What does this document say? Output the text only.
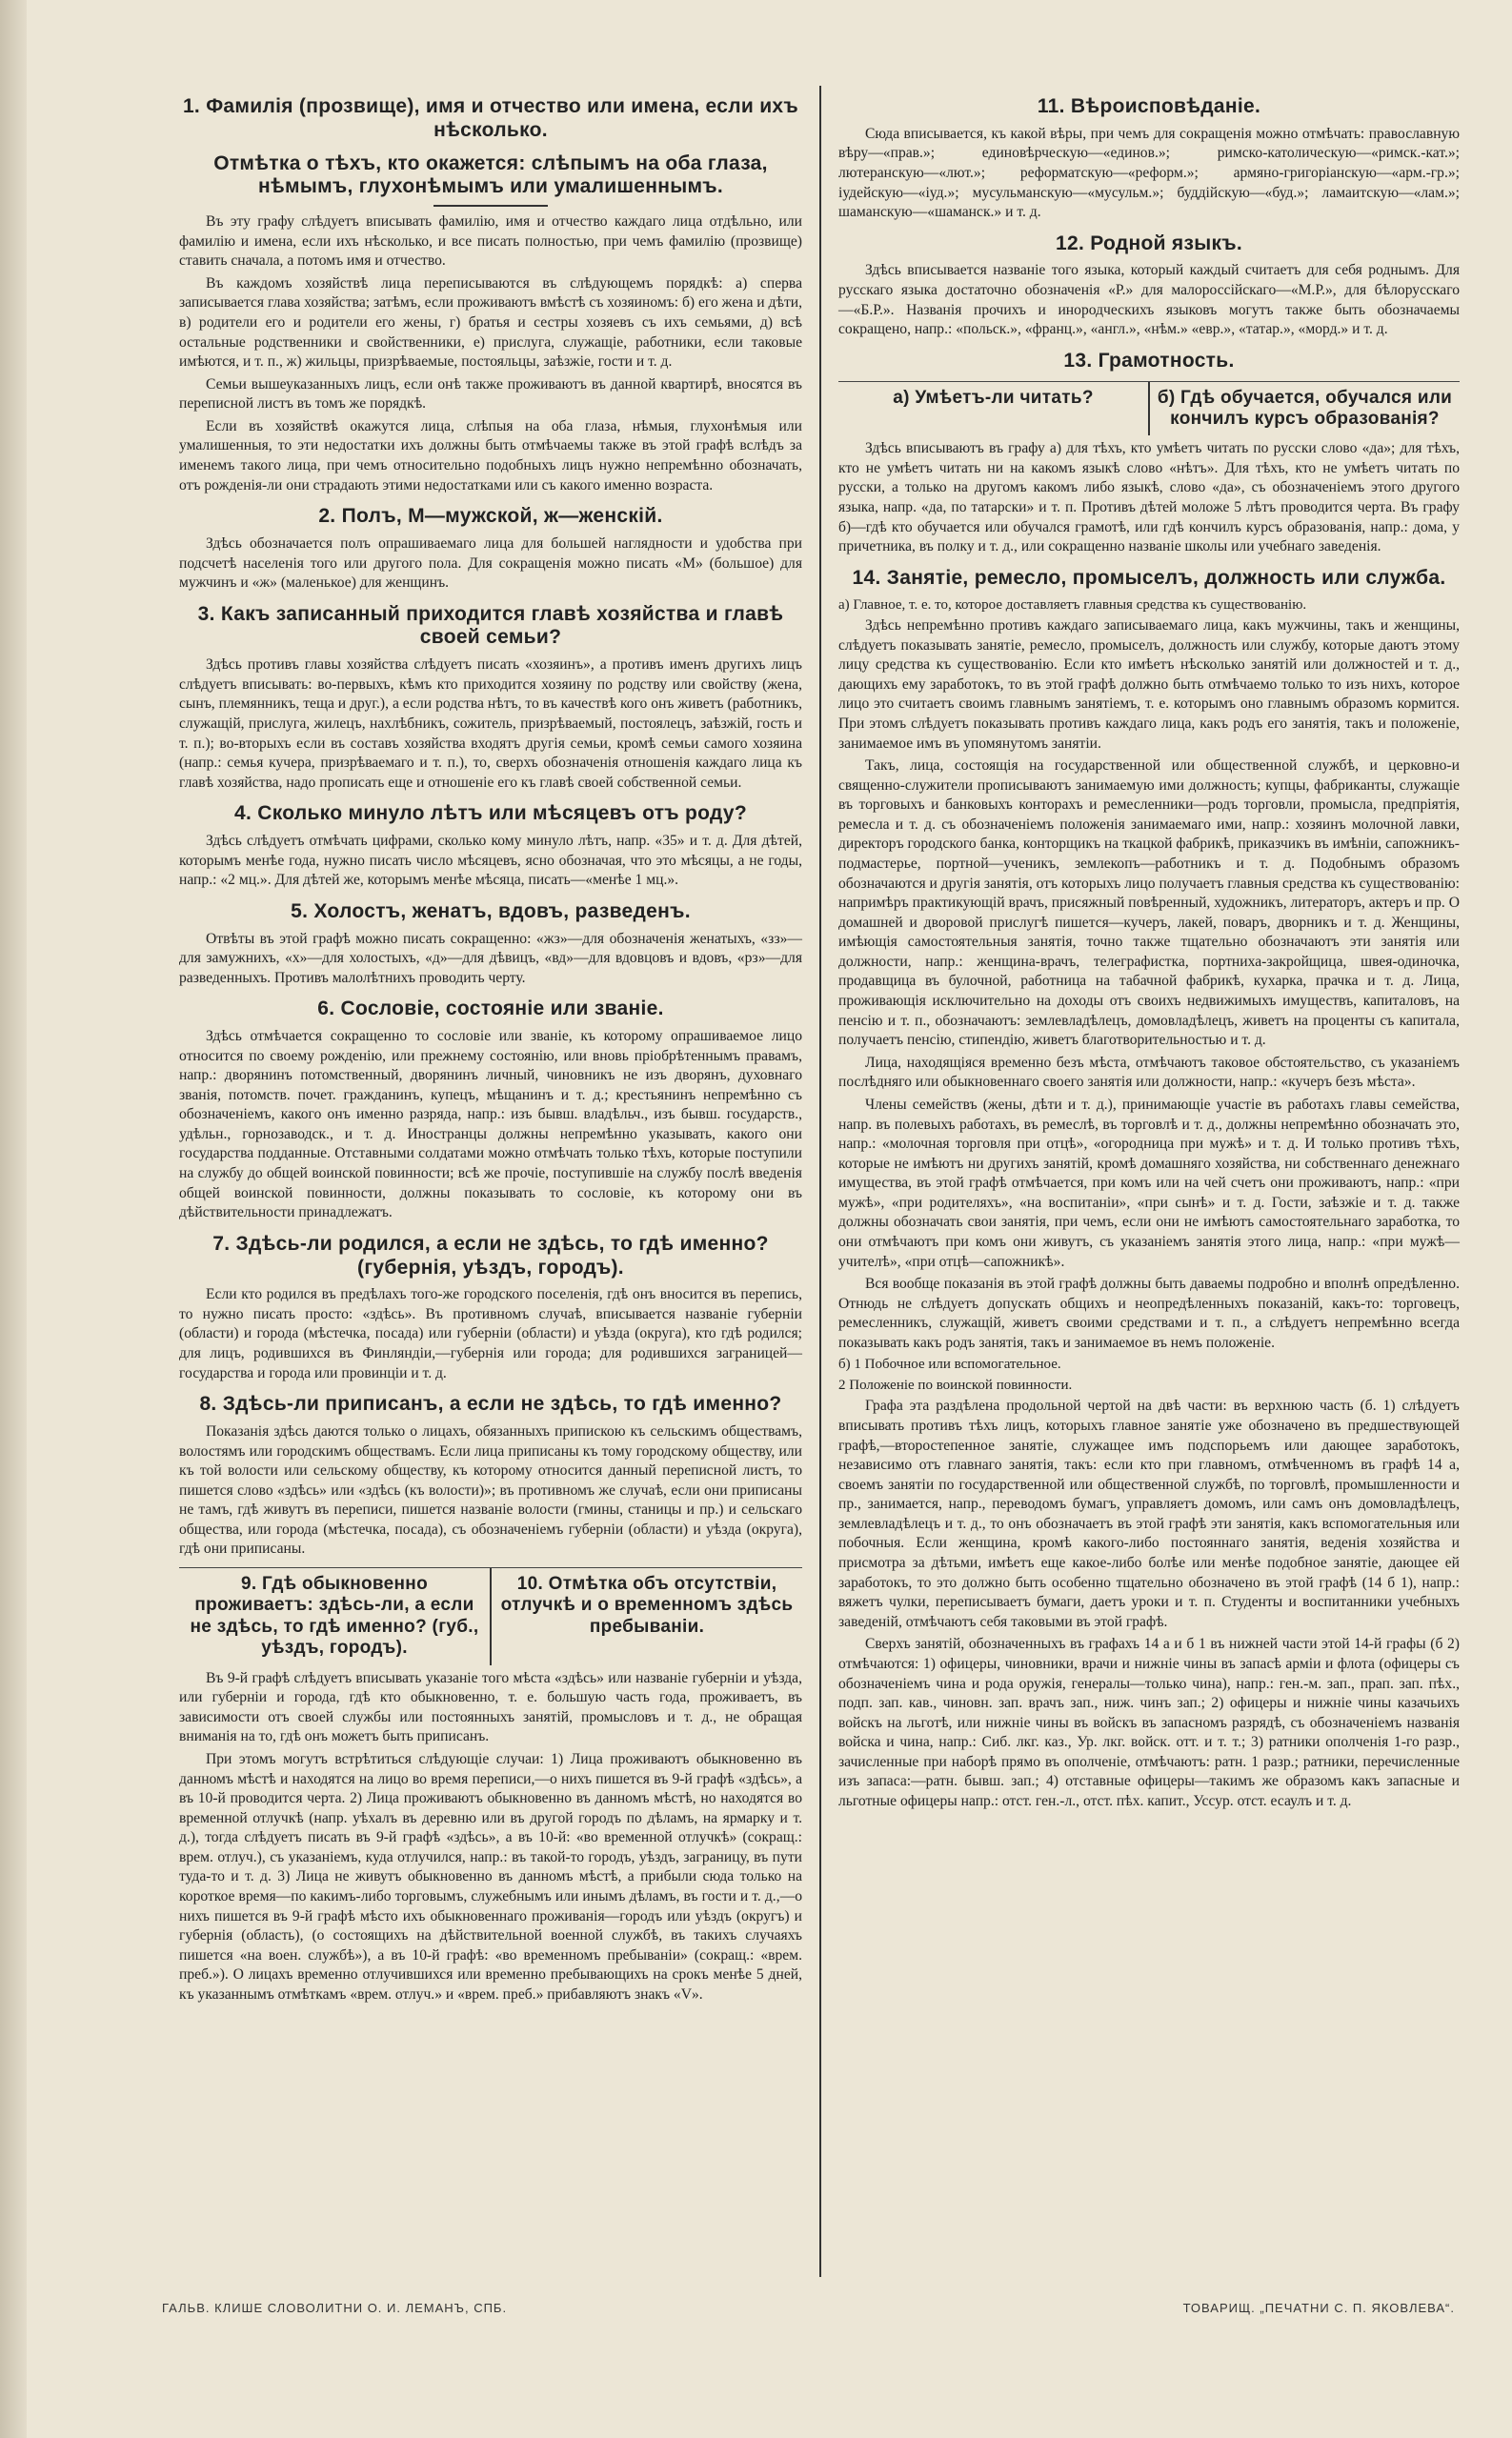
1. Фамилія (прозвище), имя и отчество или имена, если ихъ нѣсколько.
Отмѣтка о тѣхъ, кто окажется: слѣпымъ на оба глаза, нѣмымъ, глухонѣмымъ или умалишеннымъ.

Въ эту графу слѣдуетъ вписывать фамилію, имя и отчество каждаго лица отдѣльно, или фамилію и имена, если ихъ нѣсколько, и все писать полностью, при чемъ фамилію (прозвище) ставить сначала, а потомъ имя и отчество.

Въ каждомъ хозяйствѣ лица переписываются въ слѣдующемъ порядкѣ: а) сперва записывается глава хозяйства; затѣмъ, если проживаютъ вмѣстѣ съ хозяиномъ: б) его жена и дѣти, в) родители его и родители его жены, г) братья и сестры хозяевъ съ ихъ семьями, д) всѣ остальные родственники и свойственники, е) прислуга, служащіе, работники, если таковые имѣются, и т. п., ж) жильцы, призрѣваемые, постояльцы, заѣзжіе, гости и т. д.

Семьи вышеуказанныхъ лицъ, если онѣ также проживаютъ въ данной квартирѣ, вносятся въ переписной листъ въ томъ же порядкѣ.

Если въ хозяйствѣ окажутся лица, слѣпыя на оба глаза, нѣмыя, глухонѣмыя или умалишенныя, то эти недостатки ихъ должны быть отмѣчаемы также въ этой графѣ вслѣдъ за именемъ такого лица, при чемъ относительно подобныхъ лицъ нужно непремѣнно обозначать, отъ рожденія-ли они страдають этими недостатками или съ какого именно возраста.

2. Полъ, М—мужской, ж—женскій.

Здѣсь обозначается полъ опрашиваемаго лица для большей наглядности и удобства при подсчетѣ населенія того или другого пола. Для сокращенія можно писать «М» (большое) для мужчинъ и «ж» (маленькое) для женщинъ.

3. Какъ записанный приходится главѣ хозяйства и главѣ своей семьи?

Здѣсь противъ главы хозяйства слѣдуетъ писать «хозяинъ», а противъ именъ другихъ лицъ слѣдуетъ вписывать: во-первыхъ, кѣмъ кто приходится хозяину по родству или свойству (жена, сынъ, племянникъ, теща и друг.), а если родства нѣтъ, то въ качествѣ кого онъ живетъ (работникъ, служащій, прислуга, жилецъ, нахлѣбникъ, сожитель, призрѣваемый, постоялецъ, заѣзжій, гость и т. п.); во-вторыхъ если въ составъ хозяйства входятъ другія семьи, кромѣ семьи самого хозяина (напр.: семья кучера, призрѣваемаго и т. п.), то, сверхъ обозначенія отношенія каждаго лица къ главѣ хозяйства, надо прописать еще и отношеніе его къ главѣ своей собственной семьи.

4. Сколько минуло лѣтъ или мѣсяцевъ отъ роду?

Здѣсь слѣдуетъ отмѣчать цифрами, сколько кому минуло лѣтъ, напр. «35» и т. д. Для дѣтей, которымъ менѣе года, нужно писать число мѣсяцевъ, ясно обозначая, что это мѣсяцы, а не годы, напр.: «2 мц.». Для дѣтей же, которымъ менѣе мѣсяца, писать—«менѣе 1 мц.».

5. Холостъ, женатъ, вдовъ, разведенъ.

Отвѣты въ этой графѣ можно писать сокращенно: «жз»—для обозначенія женатыхъ, «зз»—для замужнихъ, «х»—для холостыхъ, «д»—для дѣвицъ, «вд»—для вдовцовъ и вдовъ, «рз»—для разведенныхъ. Противъ малолѣтнихъ проводить черту.

6. Сословіе, состояніе или званіе.

Здѣсь отмѣчается сокращенно то сословіе или званіе, къ которому опрашиваемое лицо относится по своему рожденію, или прежнему состоянію, или вновь пріобрѣтеннымъ правамъ, напр.: дворянинъ потомственный, дворянинъ личный, чиновникъ не изъ дворянъ, духовнаго званія, потомств. почет. гражданинъ, купецъ, мѣщанинъ и т. д.; крестьянинъ непремѣнно съ обозначеніемъ, какого онъ именно разряда, напр.: изъ бывш. владѣльч., изъ бывш. государств., удѣльн., горнозаводск., и т. д. Иностранцы должны непремѣнно указывать, какого они государства подданные. Отставными солдатами можно отмѣчать только тѣхъ, которые поступили на службу до общей воинской повинности; всѣ же прочіе, поступившіе на службу послѣ введенія общей воинской повинности, должны показывать то сословіе, къ которому они въ дѣйствительности принадлежатъ.

7. Здѣсь-ли родился, а если не здѣсь, то гдѣ именно? (губернія, уѣздъ, городъ).

Если кто родился въ предѣлахъ того-же городского поселенія, гдѣ онъ вносится въ перепись, то нужно писать просто: «здѣсь». Въ противномъ случаѣ, вписывается названіе губерніи (области) и города (мѣстечка, посада) или губерніи (области) и уѣзда (округа), кто гдѣ родился; для лицъ, родившихся въ Финляндіи,—губернія или города; для родившихся заграницей—государства и города или провинціи и т. д.

8. Здѣсь-ли приписанъ, а если не здѣсь, то гдѣ именно?

Показанія здѣсь даются только о лицахъ, обязанныхъ припискою къ сельскимъ обществамъ, волостямъ или городскимъ обществамъ. Если лица приписаны къ тому городскому обществу, или къ той волости или сельскому обществу, къ которому относится данный переписной листъ, то пишется слово «здѣсь» или «здѣсь (къ волости)»; въ противномъ же случаѣ, если они приписаны не тамъ, гдѣ живутъ въ переписи, пишется названіе волости (гмины, станицы и пр.) и сельскаго общества, или города (мѣстечка, посада), съ обозначеніемъ губерніи (области) и уѣзда (округа), гдѣ они приписаны.

9. Гдѣ обыкновенно проживаетъ: здѣсь-ли, а если не здѣсь, то гдѣ именно? (губ., уѣздъ, городъ).
10. Отмѣтка объ отсутствіи, отлучкѣ и о временномъ здѣсь пребываніи.

Въ 9-й графѣ слѣдуетъ вписывать указаніе того мѣста «здѣсь» или названіе губерніи и уѣзда, или губерніи и города, гдѣ кто обыкновенно, т. е. большую часть года, проживаетъ, въ зависимости отъ своей службы или постоянныхъ занятій, промысловъ и т. д., не обращая вниманія на то, гдѣ онъ можетъ быть приписанъ.

При этомъ могутъ встрѣтиться слѣдующіе случаи: 1) Лица проживаютъ обыкновенно въ данномъ мѣстѣ и находятся на лицо во время переписи,—о нихъ пишется въ 9-й графѣ «здѣсь», а въ 10-й проводится черта. 2) Лица проживаютъ обыкновенно въ данномъ мѣстѣ, но находятся во временной отлучкѣ (напр. уѣхалъ въ деревню или въ другой городъ по дѣламъ, на ярмарку и т. д.), тогда слѣдуетъ писать въ 9-й графѣ «здѣсь», а въ 10-й: «во временной отлучкѣ» (сокращ.: врем. отлуч.), съ указаніемъ, куда отлучился, напр.: въ такой-то городъ, уѣздъ, заграницу, въ пути туда-то и т. д. 3) Лица не живутъ обыкновенно въ данномъ мѣстѣ, а прибыли сюда только на короткое время—по какимъ-либо торговымъ, служебнымъ или инымъ дѣламъ, въ гости и т. д.,—о нихъ пишется въ 9-й графѣ мѣсто ихъ обыкновеннаго проживанія—городъ или уѣздъ (округъ) и губернія (область), (о состоящихъ на дѣйствительной военной службѣ, въ такихъ случаяхъ пишется «на воен. службѣ»), а въ 10-й графѣ: «во временномъ пребываніи» (сокращ.: «врем. преб.»). О лицахъ временно отлучившихся или временно пребывающихъ на срокъ менѣе 5 дней, къ указаннымъ отмѣткамъ «врем. отлуч.» и «врем. преб.» прибавляютъ знакъ «V».

11. Вѣроисповѣданіе.

Сюда вписывается, къ какой вѣры, при чемъ для сокращенія можно отмѣчать: православную вѣру—«прав.»; единовѣрческую—«единов.»; римско-католическую—«римск.-кат.»; лютеранскую—«лют.»; реформатскую—«реформ.»; армяно-григоріанскую—«арм.-гр.»; іудейскую—«іуд.»; мусульманскую—«мусульм.»; буддійскую—«буд.»; ламаитскую—«лам.»; шаманскую—«шаманск.» и т. д.

12. Родной языкъ.

Здѣсь вписывается названіе того языка, который каждый считаетъ для себя роднымъ. Для русскаго языка достаточно обозначенія «Р.» для малороссійскаго—«М.Р.», для бѣлорусскаго—«Б.Р.». Названія прочихъ и инородческихъ языковъ могутъ также быть обозначаемы сокращено, напр.: «польск.», «франц.», «англ.», «нѣм.» «евр.», «татар.», «морд.» и т. д.

13. Грамотность.
а) Умѣетъ-ли читать?	б) Гдѣ обучается, обучался или кончилъ курсъ образованія?

Здѣсь вписываютъ въ графу а) для тѣхъ, кто умѣетъ читать по русски слово «да»; для тѣхъ, кто не умѣетъ читать ни на какомъ языкѣ слово «нѣтъ». Для тѣхъ, кто не умѣетъ читать по русски, а только на другомъ какомъ либо языкѣ, слово «да», съ обозначеніемъ этого другого языка, напр. «да, по татарски» и т. п. Противъ дѣтей моложе 5 лѣтъ проводится черта. Въ графу б)—гдѣ кто обучается или обучался грамотѣ, или гдѣ кончилъ курсъ образованія, напр.: дома, у причетника, въ полку и т. д., или сокращенно названіе школы или учебнаго заведенія.

14. Занятіе, ремесло, промыселъ, должность или служба.
а) Главное, т. е. то, которое доставляетъ главныя средства къ существованію.

Здѣсь непремѣнно противъ каждаго записываемаго лица, какъ мужчины, такъ и женщины, слѣдуетъ показывать занятіе, ремесло, промыселъ, должность или службу, которые даютъ этому лицу средства къ существованію. Если кто имѣетъ нѣсколько занятій или должностей и т. д., дающихъ ему заработокъ, то въ этой графѣ должно быть отмѣчаемо только то изъ нихъ, которое лицо это считаетъ своимъ главнымъ занятіемъ, т. е. которымъ оно главнымъ образомъ кормится. При этомъ слѣдуетъ показывать противъ каждаго лица, какъ родъ его занятія, такъ и положеніе, занимаемое имъ въ упомянутомъ занятіи.

Такъ, лица, состоящія на государственной или общественной службѣ, и церковно-и священно-служители прописываютъ занимаемую ими должность; купцы, фабриканты, служащіе въ торговыхъ и банковыхъ конторахъ и ремесленники—родъ торговли, промысла, предпріятія, ремесла и т. д. съ обозначеніемъ положенія занимаемаго ими, напр.: хозяинъ молочной лавки, директоръ городского банка, конторщикъ на ткацкой фабрикѣ, приказчикъ въ имѣніи, сапожникъ-подмастерье, портной—ученикъ, землекопъ—работникъ и т. д. Подобнымъ образомъ обозначаются и другія занятія, отъ которыхъ лицо получаетъ главныя средства къ существованію: напримѣръ практикующій врачъ, присяжный повѣренный, художникъ, литераторъ, актеръ и пр. О домашней и дворовой прислугѣ пишется—кучеръ, лакей, поваръ, дворникъ и т. д. Женщины, имѣющія самостоятельныя занятія, точно также тщательно обозначаютъ эти занятія или должности, напр.: женщина-врачъ, телеграфистка, портниха-закройщица, швея-одиночка, продавщица въ булочной, работница на табачной фабрикѣ, кухарка, прачка и т. д. Лица, проживающія исключительно на доходы отъ своихъ недвижимыхъ имуществъ, капиталовъ, на пенсію и т. п., обозначаютъ: землевладѣлецъ, домовладѣлецъ, живетъ на проценты съ капитала, получаетъ пенсію, стипендію, живетъ благотворительностью и т. д.

Лица, находящіяся временно безъ мѣста, отмѣчаютъ таковое обстоятельство, съ указаніемъ послѣдняго или обыкновеннаго своего занятія или должности, напр.: «кучеръ безъ мѣста».

Члены семействъ (жены, дѣти и т. д.), принимающіе участіе въ работахъ главы семейства, напр. въ полевыхъ работахъ, въ ремеслѣ, въ торговлѣ и т. д., должны непремѣнно обозначать это, напр.: «молочная торговля при отцѣ», «огородница при мужѣ» и т. д. И только противъ тѣхъ, которые не имѣютъ ни другихъ занятій, кромѣ домашняго хозяйства, ни собственнаго денежнаго имущества, въ этой графѣ отмѣчается, при комъ или на чей счетъ они проживаютъ, напр.: «при мужѣ», «при родителяхъ», «на воспитаніи», «при сынѣ» и т. д. Гости, заѣзжіе и т. д. также должны обозначать свои занятія, при чемъ, если они не имѣютъ самостоятельнаго заработка, то они отмѣчаютъ при комъ они живутъ, съ указаніемъ занятія этого лица, напр.: «при мужѣ—учителѣ», «при отцѣ—сапожникѣ».

Вся вообще показанія въ этой графѣ должны быть даваемы подробно и вполнѣ опредѣленно. Отнюдь не слѣдуетъ допускать общихъ и неопредѣленныхъ показаній, какъ-то: торговецъ, ремесленникъ, служащій, живетъ своими средствами и т. п., а слѣдуетъ непремѣнно всегда показывать какъ родъ занятія, такъ и занимаемое въ немъ положеніе.

б) 1 Побочное или вспомогательное.
2 Положеніе по воинской повинности.

Графа эта раздѣлена продольной чертой на двѣ части: въ верхнюю часть (б. 1) слѣдуетъ вписывать противъ тѣхъ лицъ, которыхъ главное занятіе уже обозначено въ предшествующей графѣ,—второстепенное занятіе, служащее имъ подспорьемъ или дающее заработокъ, независимо отъ главнаго занятія, такъ: если кто при главномъ, отмѣченномъ въ графѣ 14 а, своемъ занятіи по государственной или общественной службѣ, по торговлѣ, промышленности и пр., занимается, напр., переводомъ бумагъ, управляетъ домомъ, или самъ онъ домовладѣлецъ, землевладѣлецъ и т. д., то онъ обозначаетъ въ этой графѣ эти занятія, какъ вспомогательныя или побочныя. Если женщина, кромѣ какого-либо постояннаго занятія, веденія хозяйства и присмотра за дѣтьми, имѣетъ еще какое-либо болѣе или менѣе подобное занятіе, дающее ей заработокъ, то это должно быть особенно тщательно обозначено въ этой графѣ (14 б 1), напр.: вяжетъ чулки, переписываетъ бумаги, даетъ уроки и т. п. Студенты и воспитанники учебныхъ заведеній, отмѣчаютъ себя таковыми въ этой графѣ.

Сверхъ занятій, обозначенныхъ въ графахъ 14 а и б 1 въ нижней части этой 14-й графы (б 2) отмѣчаются: 1) офицеры, чиновники, врачи и нижніе чины въ запасѣ арміи и флота (офицеры съ обозначеніемъ чина и рода оружія, генералы—только чина), напр.: ген.-м. зап., прап. зап. пѣх., подп. зап. кав., чиновн. зап. врачъ зап., ниж. чинъ зап.; 2) офицеры и нижніе чины казачьихъ войскъ на льготѣ, или нижніе чины въ войскъ въ запасномъ разрядѣ, съ обозначеніемъ названія войска и чина, напр.: Сиб. лкг. каз., Ур. лкг. войск. отт. и т. т.; 3) ратники ополченія 1-го разр., зачисленные при наборѣ прямо въ ополченіе, отмѣчаютъ: ратн. 1 разр.; ратники, перечисленные изъ запаса:—ратн. бывш. зап.; 4) отставные офицеры—такимъ же образомъ какъ запасные и льготные офицеры напр.: отст. ген.-л., отст. пѣх. капит., Уссур. отст. есаулъ и т. д.

ГАЛЬВ. КЛИШЕ СЛОВОЛИТНИ О. И. ЛЕМАНЪ, СПБ.	ТОВАРИЩ. „ПЕЧАТНИ С. П. ЯКОВЛЕВА“.
